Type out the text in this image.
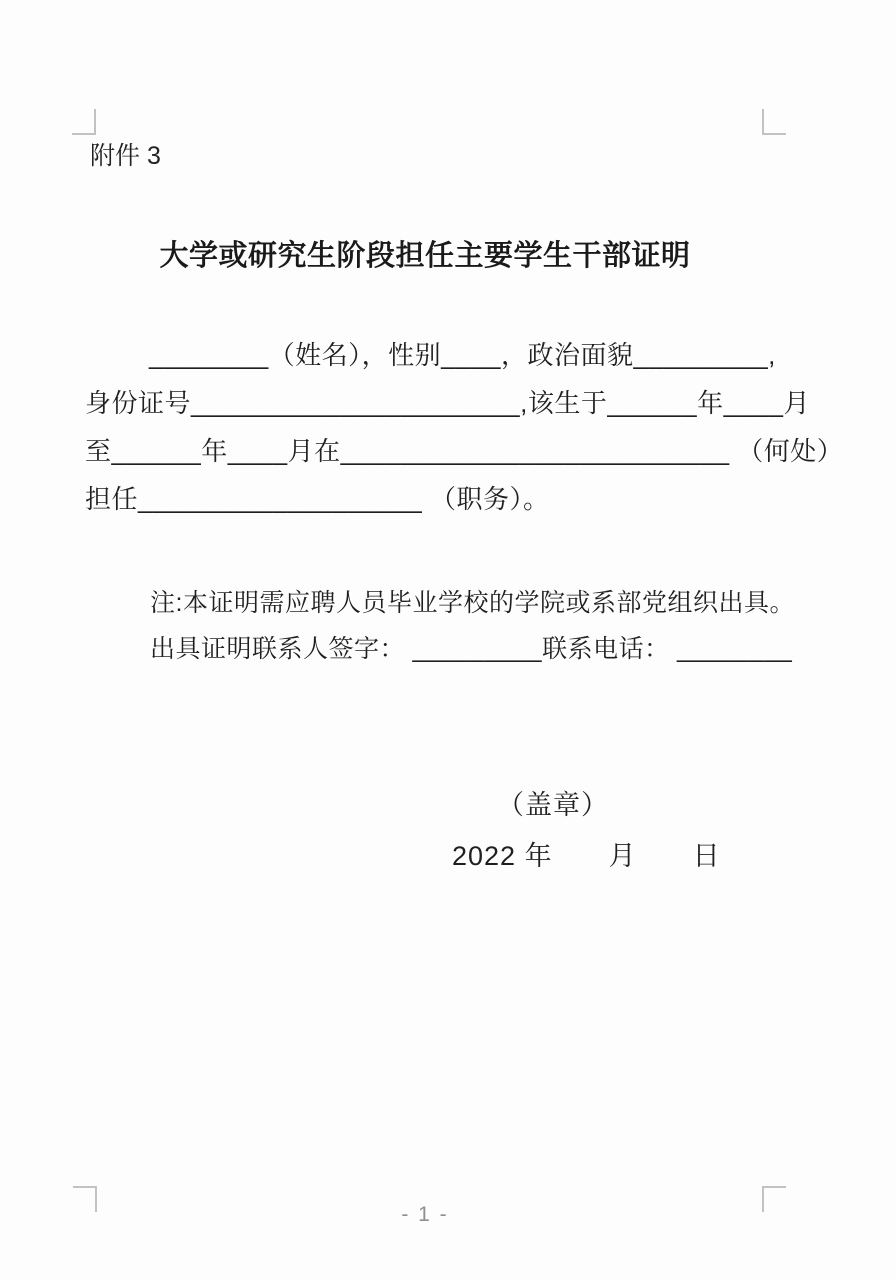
附件 3
大学或研究生阶段担任主要学生干部证明
________（姓名），性别____，政治面貌_________,
身份证号______________________,该生于______年____月
至______年____月在__________________________ （何处）
担任___________________ （职务）。
注:本证明需应聘人员毕业学校的学院或系部党组织出具。
出具证明联系人签字： _________联系电话： ________
（盖章）
2022 年　　月　　日
- 1 -
